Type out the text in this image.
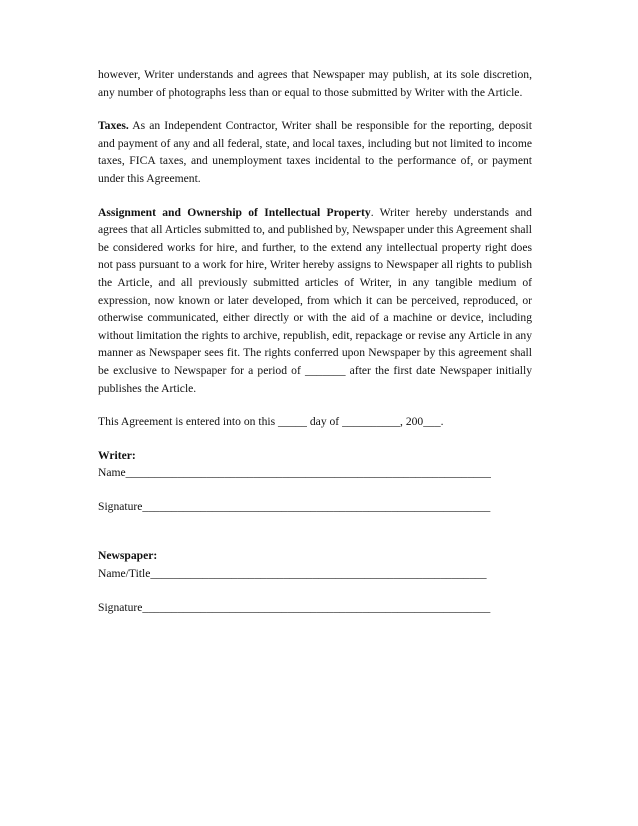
however, Writer understands and agrees that Newspaper may publish, at its sole discretion, any number of photographs less than or equal to those submitted by Writer with the Article.

Taxes. As an Independent Contractor, Writer shall be responsible for the reporting, deposit and payment of any and all federal, state, and local taxes, including but not limited to income taxes, FICA taxes, and unemployment taxes incidental to the performance of, or payment under this Agreement.

Assignment and Ownership of Intellectual Property. Writer hereby understands and agrees that all Articles submitted to, and published by, Newspaper under this Agreement shall be considered works for hire, and further, to the extend any intellectual property right does not pass pursuant to a work for hire, Writer hereby assigns to Newspaper all rights to publish the Article, and all previously submitted articles of Writer, in any tangible medium of expression, now known or later developed, from which it can be perceived, reproduced, or otherwise communicated, either directly or with the aid of a machine or device, including without limitation the rights to archive, republish, edit, repackage or revise any Article in any manner as Newspaper sees fit. The rights conferred upon Newspaper by this agreement shall be exclusive to Newspaper for a period of _______ after the first date Newspaper initially publishes the Article.

This Agreement is entered into on this _____ day of __________, 200___.

Writer:

Name_______________________________________________________________

Signature____________________________________________________________

Newspaper:

Name/Title__________________________________________________________

Signature____________________________________________________________
